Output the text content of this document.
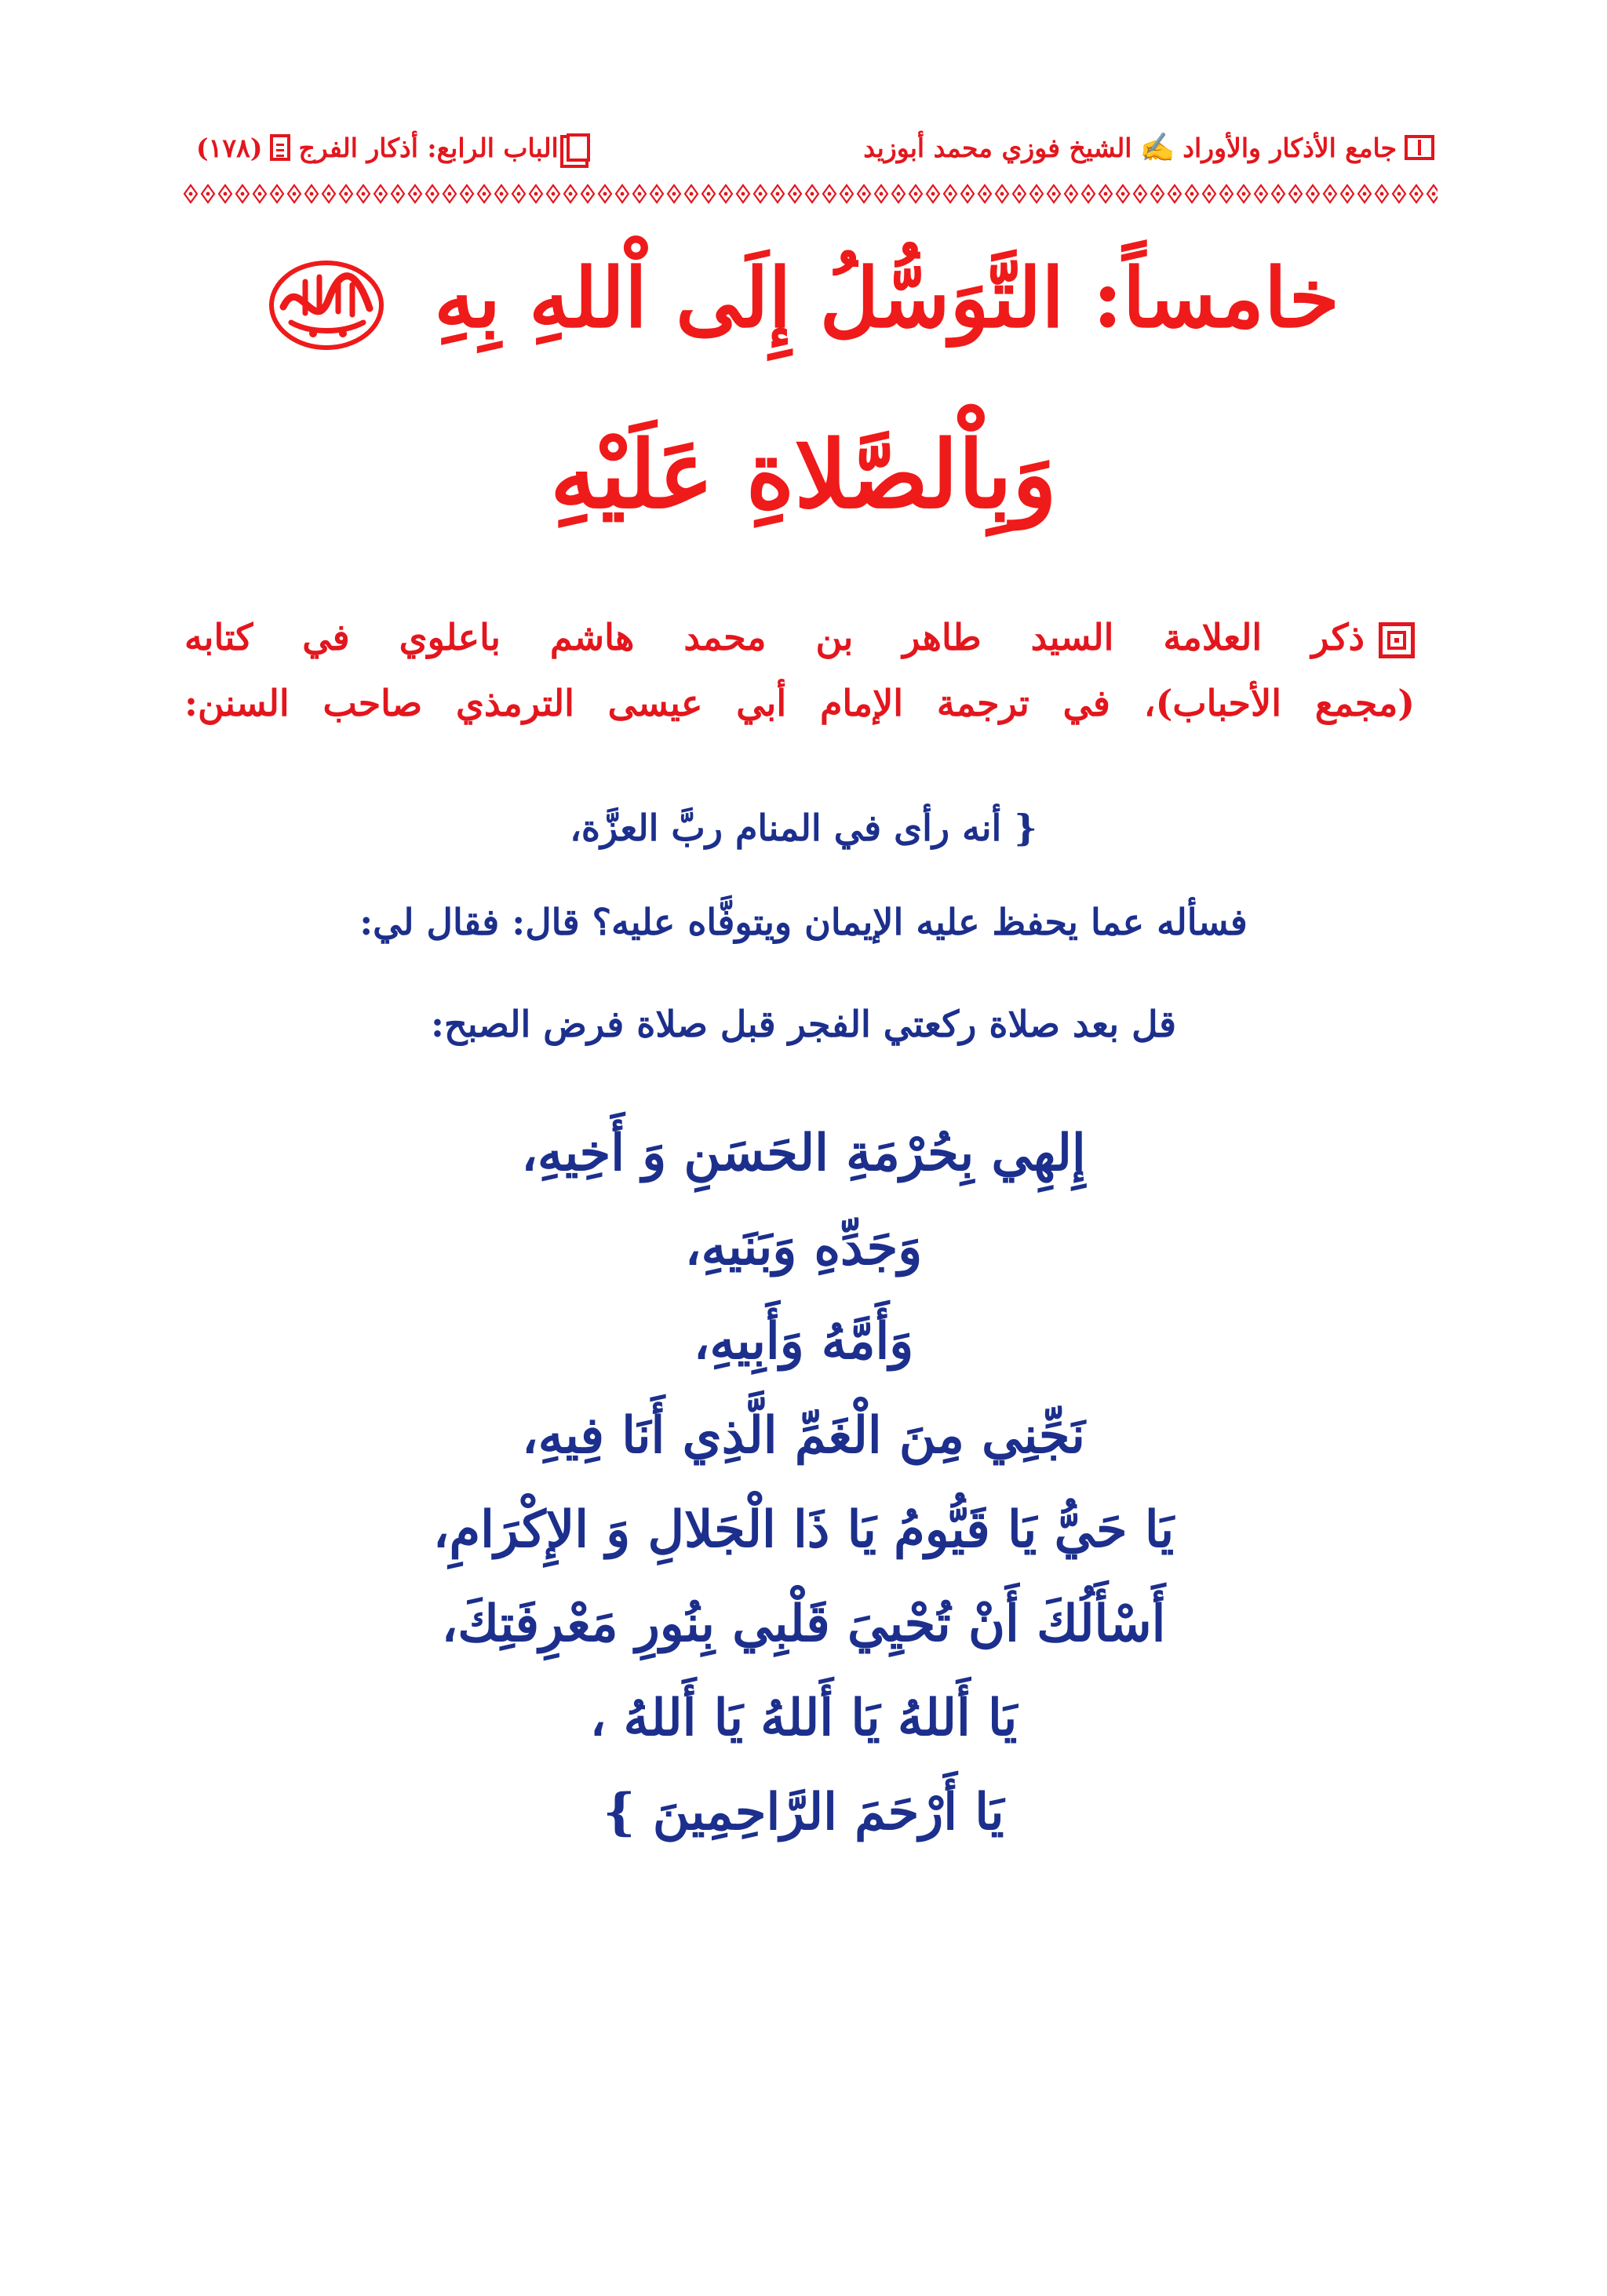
جامع الأذكار والأوراد
✍
الشيخ فوزي محمد أبوزيد
الباب الرابع: أذكار الفرج
(١٧٨)
خامساً: التَّوَسُّلُ إِلَى اْللهِ بِهِ
وَبِاْلصَّلاةِ عَلَيْهِ
ذكر العلامة السيد طاهر بن محمد هاشم باعلوي في كتابه
(مجمع الأحباب)، في ترجمة الإمام أبي عيسى الترمذي صاحب السنن:
{ أنه رأى في المنام ربَّ العزَّة،
فسأله عما يحفظ عليه الإيمان ويتوفَّاه عليه؟ قال: فقال لي:
قل بعد صلاة ركعتي الفجر قبل صلاة فرض الصبح:
إِلهِي بِحُرْمَةِ الحَسَنِ وَ أَخِيهِ،
وَجَدِّهِ وَبَنَيهِ،
وَأَمَّهُ وَأَبِيهِ،
نَجِّنِي مِنَ الْغَمِّ الَّذِي أَنَا فِيهِ،
يَا حَيُّ يَا قَيُّومُ يَا ذَا الْجَلالِ وَ الإِكْرَامِ،
أَسْأَلُكَ أَنْ تُحْيِيَ قَلْبِي بِنُورِ مَعْرِفَتِكَ،
يَا أَللهُ يَا أَللهُ يَا أَللهُ ،
يَا أَرْحَمَ الرَّاحِمِينَ }
